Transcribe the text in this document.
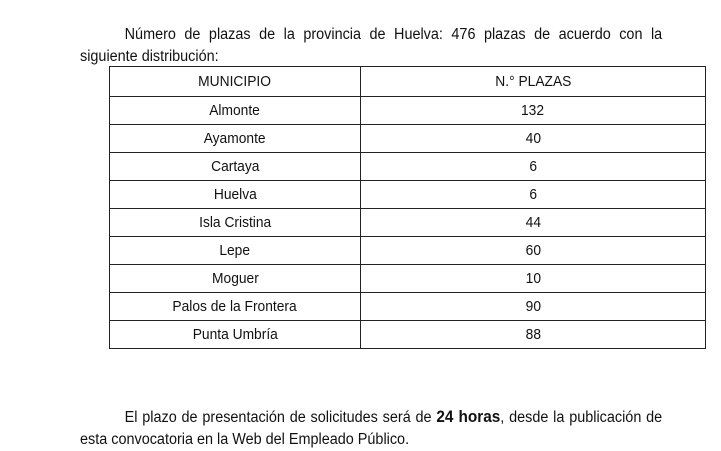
Número de plazas de la provincia de Huelva: 476 plazas de acuerdo con la siguiente distribución:

MUNICIPIO	N.° PLAZAS
Almonte	132
Ayamonte	40
Cartaya	6
Huelva	6
Isla Cristina	44
Lepe	60
Moguer	10
Palos de la Frontera	90
Punta Umbría	88

El plazo de presentación de solicitudes será de 24 horas, desde la publicación de esta convocatoria en la Web del Empleado Público.
